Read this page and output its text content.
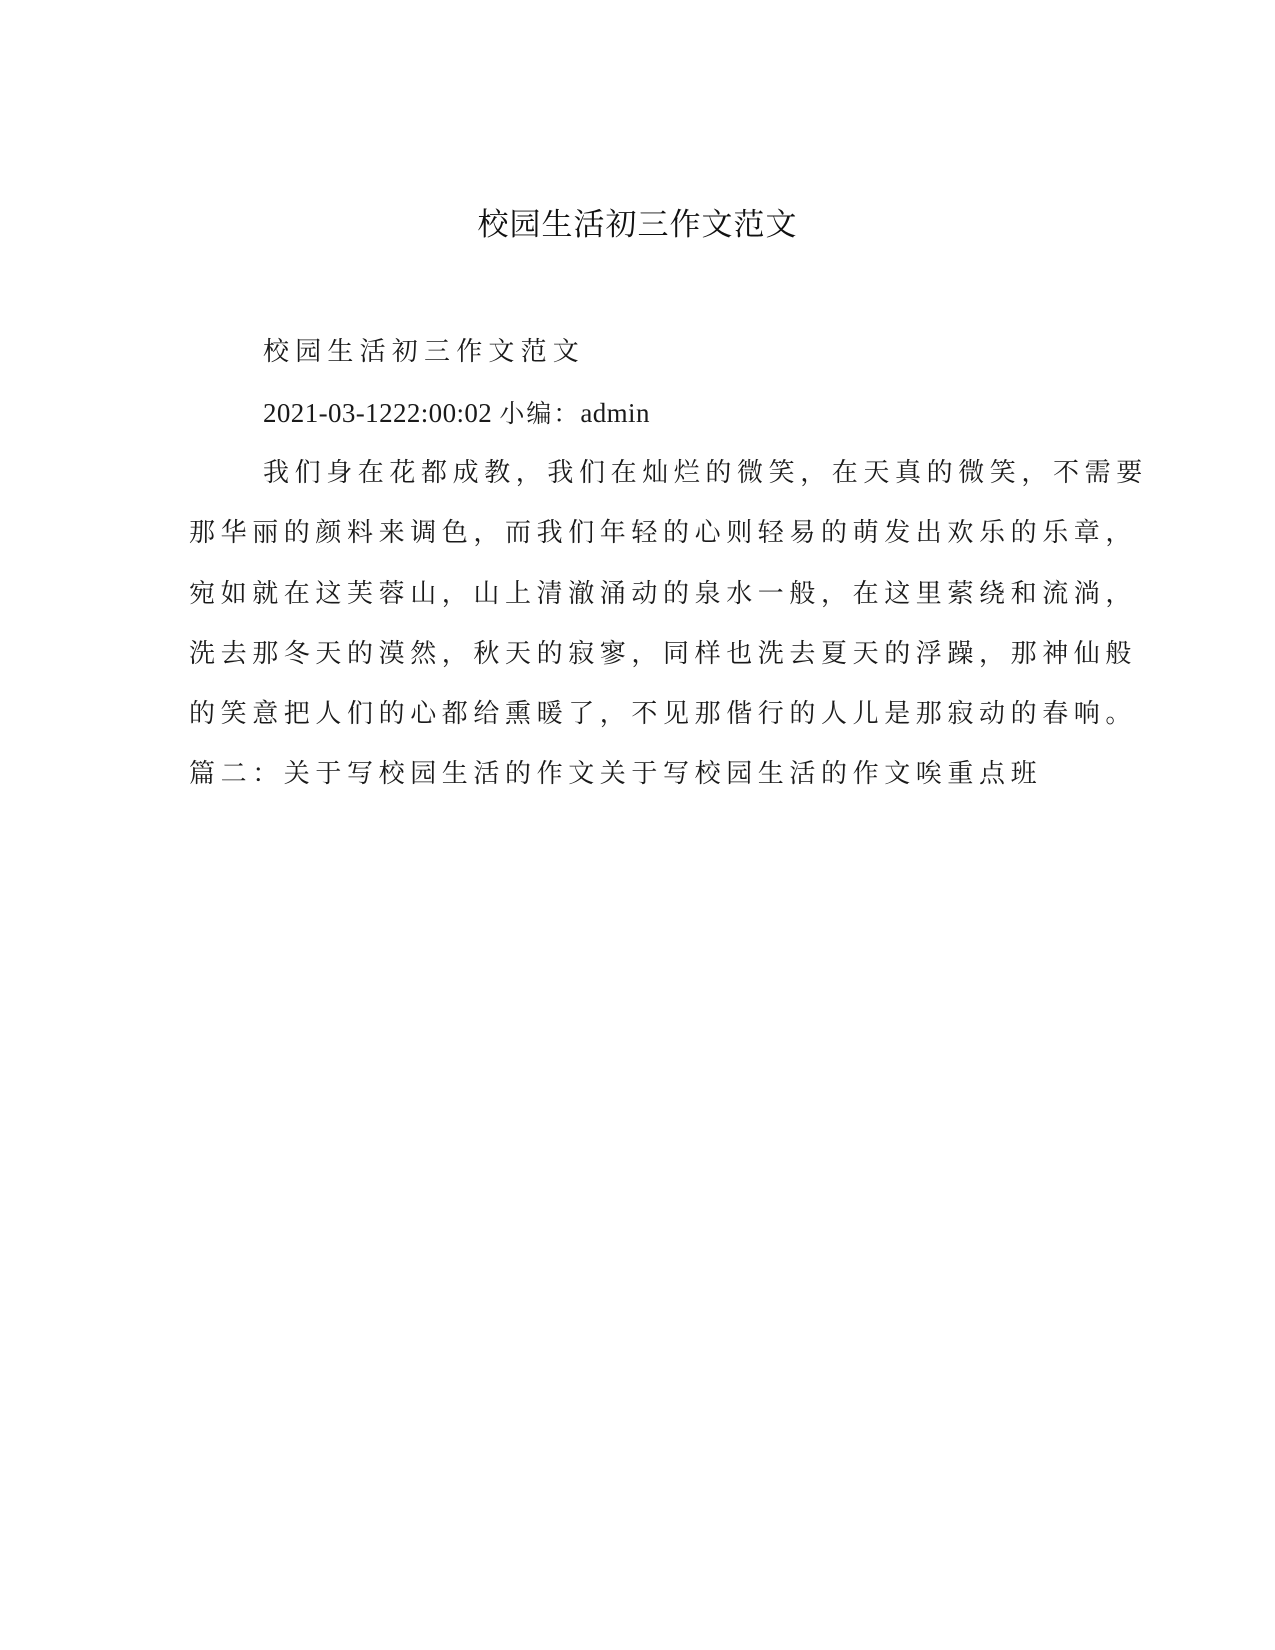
校园生活初三作文范文
校园生活初三作文范文
2021-03-1222:00:02 小编：admin
我们身在花都成教，我们在灿烂的微笑，在天真的微笑，不需要
那华丽的颜料来调色，而我们年轻的心则轻易的萌发出欢乐的乐章，
宛如就在这芙蓉山，山上清澈涌动的泉水一般，在这里萦绕和流淌，
洗去那冬天的漠然，秋天的寂寥，同样也洗去夏天的浮躁，那神仙般
的笑意把人们的心都给熏暖了，不见那偕行的人儿是那寂动的春响。
篇二：关于写校园生活的作文关于写校园生活的作文唉重点班
